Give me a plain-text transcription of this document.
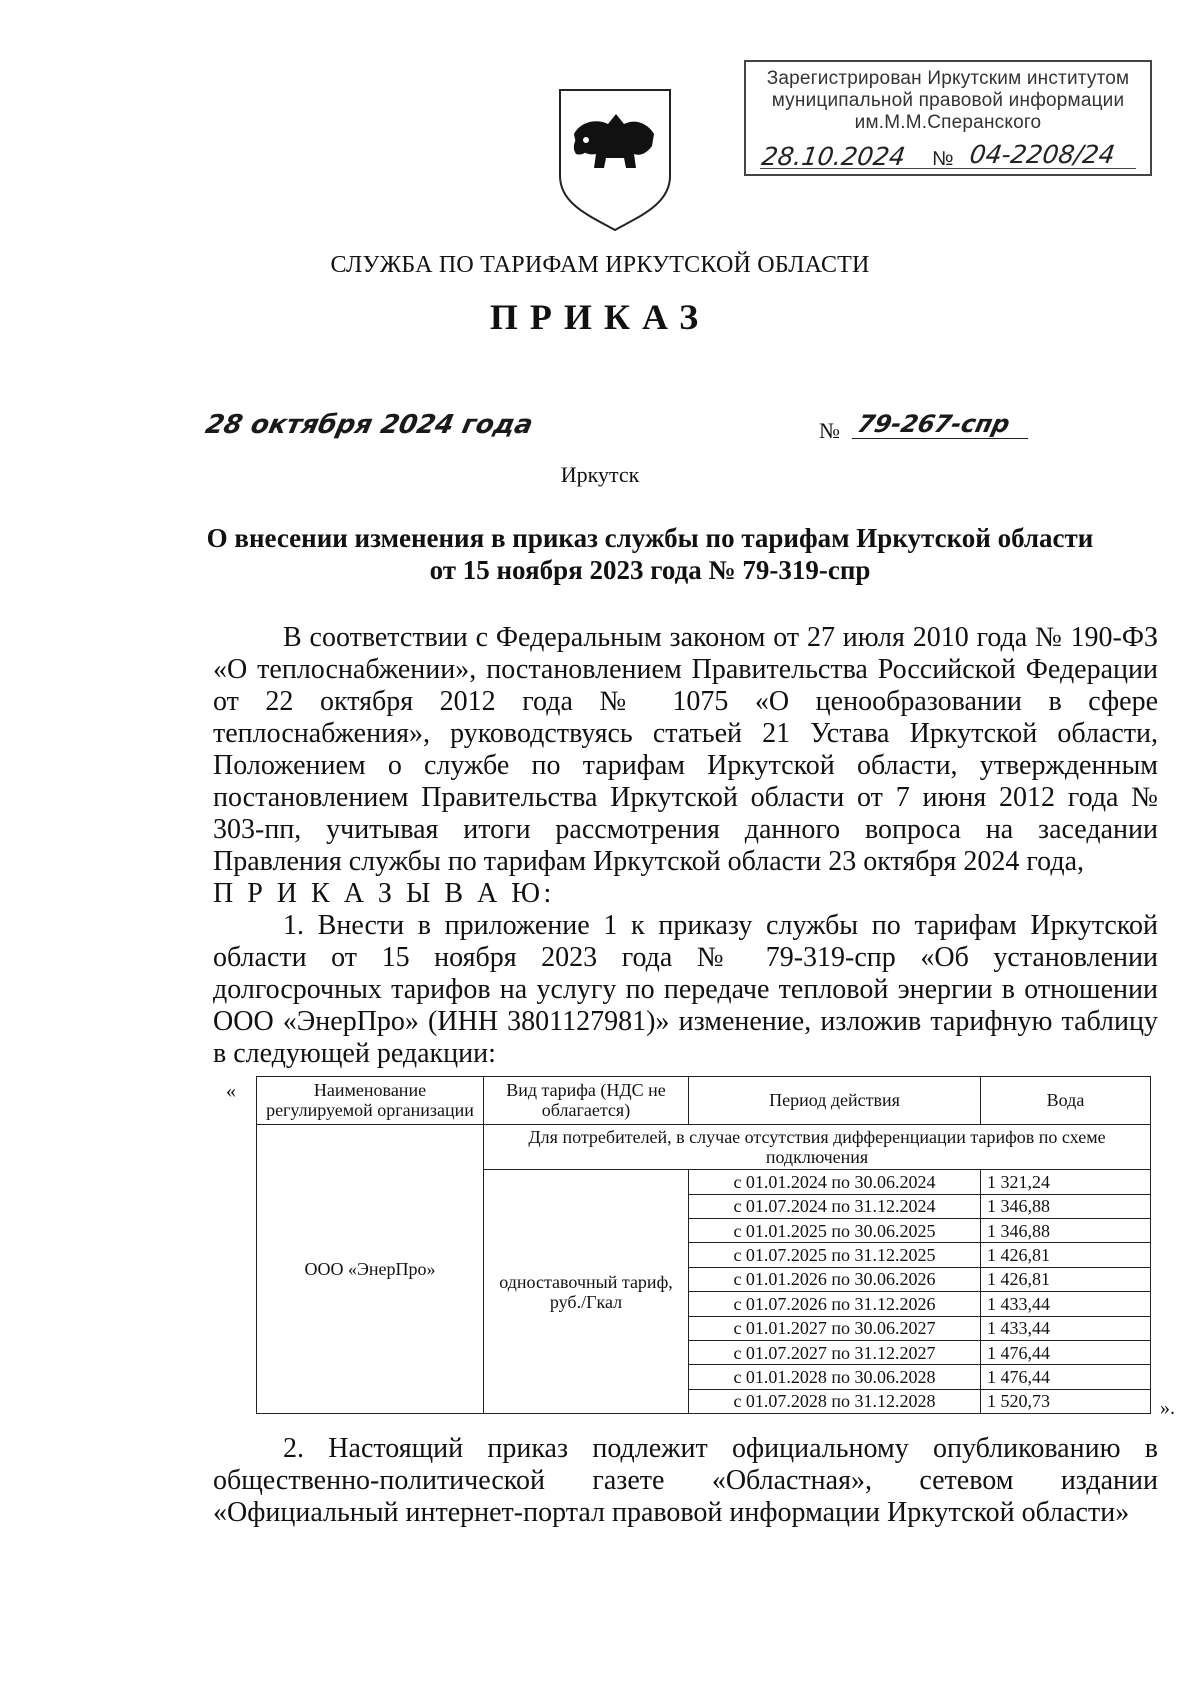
Зарегистрирован Иркутским институтом
муниципальной правовой информации
им.М.М.Сперанского
28.10.2024 № 04-2208/24
СЛУЖБА ПО ТАРИФАМ ИРКУТСКОЙ ОБЛАСТИ
ПРИКАЗ
28 октября 2024 года	№ 79-267-спр
Иркутск
О внесении изменения в приказ службы по тарифам Иркутской области
от 15 ноября 2023 года № 79-319-спр
В соответствии с Федеральным законом от 27 июля 2010 года № 190-ФЗ «О теплоснабжении», постановлением Правительства Российской Федерации от 22 октября 2012 года № 1075 «О ценообразовании в сфере теплоснабжения», руководствуясь статьей 21 Устава Иркутской области, Положением о службе по тарифам Иркутской области, утвержденным постановлением Правительства Иркутской области от 7 июня 2012 года № 303-пп, учитывая итоги рассмотрения данного вопроса на заседании Правления службы по тарифам Иркутской области 23 октября 2024 года,
П Р И К А З Ы В А Ю:
1. Внести в приложение 1 к приказу службы по тарифам Иркутской области от 15 ноября 2023 года № 79-319-спр «Об установлении долгосрочных тарифов на услугу по передаче тепловой энергии в отношении ООО «ЭнерПро» (ИНН 3801127981)» изменение, изложив тарифную таблицу в следующей редакции:
«	Наименование регулируемой организации	Вид тарифа (НДС не облагается)	Период действия	Вода
ООО «ЭнерПро»	Для потребителей, в случае отсутствия дифференциации тарифов по схеме подключения		
	одноставочный тариф, руб./Гкал	с 01.01.2024 по 30.06.2024	1 321,24
		с 01.07.2024 по 31.12.2024	1 346,88
		с 01.01.2025 по 30.06.2025	1 346,88
		с 01.07.2025 по 31.12.2025	1 426,81
		с 01.01.2026 по 30.06.2026	1 426,81
		с 01.07.2026 по 31.12.2026	1 433,44
		с 01.01.2027 по 30.06.2027	1 433,44
		с 01.07.2027 по 31.12.2027	1 476,44
		с 01.01.2028 по 30.06.2028	1 476,44
		с 01.07.2028 по 31.12.2028	1 520,73	».
2. Настоящий приказ подлежит официальному опубликованию в общественно-политической газете «Областная», сетевом издании «Официальный интернет-портал правовой информации Иркутской области»
